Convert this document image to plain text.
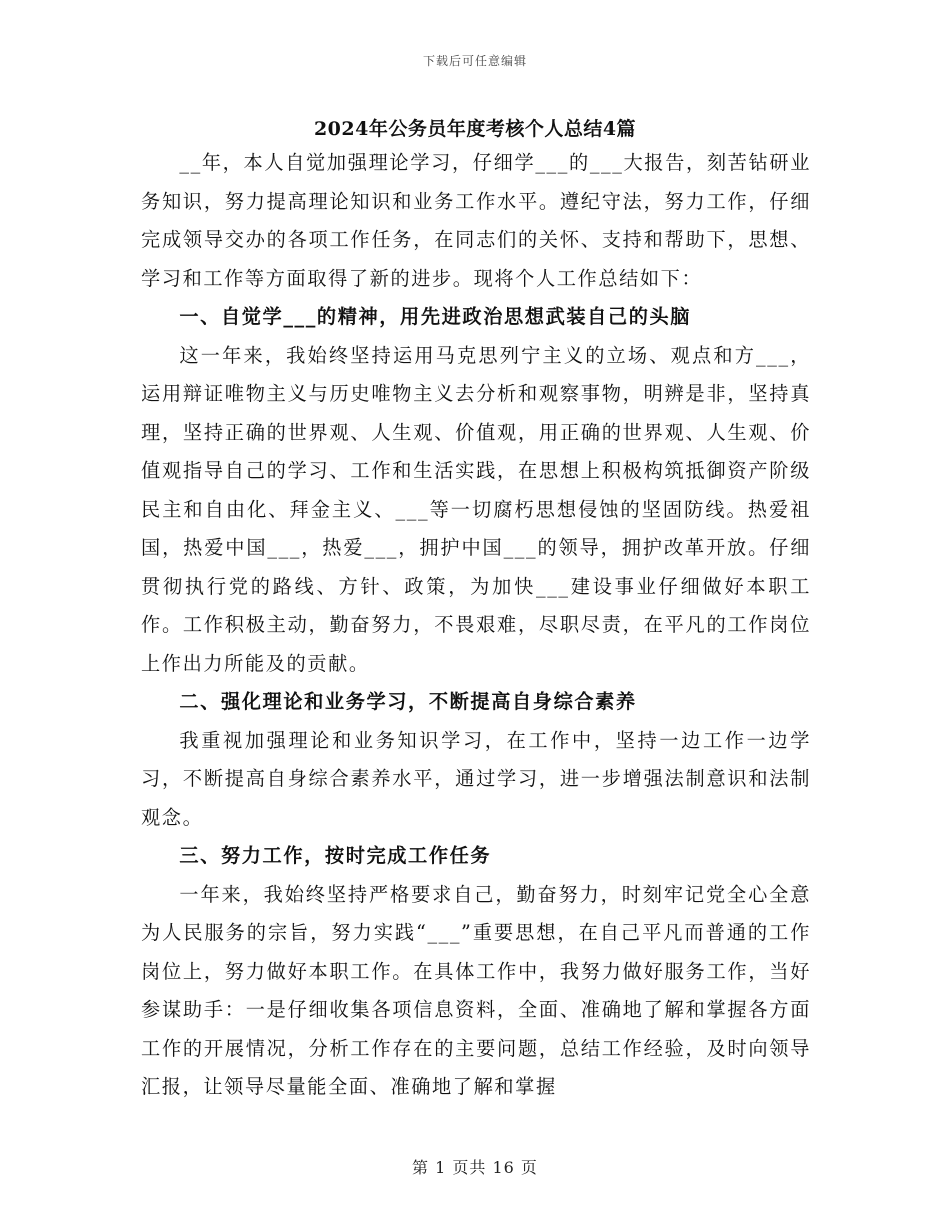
下载后可任意编辑
2024年公务员年度考核个人总结4篇

__年，本人自觉加强理论学习，仔细学___的___大报告，刻苦钻研业务知识，努力提高理论知识和业务工作水平。遵纪守法，努力工作，仔细完成领导交办的各项工作任务，在同志们的关怀、支持和帮助下，思想、学习和工作等方面取得了新的进步。现将个人工作总结如下：

一、自觉学___的精神，用先进政治思想武装自己的头脑

这一年来，我始终坚持运用马克思列宁主义的立场、观点和方___，运用辩证唯物主义与历史唯物主义去分析和观察事物，明辨是非，坚持真理，坚持正确的世界观、人生观、价值观，用正确的世界观、人生观、价值观指导自己的学习、工作和生活实践，在思想上积极构筑抵御资产阶级民主和自由化、拜金主义、___等一切腐朽思想侵蚀的坚固防线。热爱祖国，热爱中国___，热爱___，拥护中国___的领导，拥护改革开放。仔细贯彻执行党的路线、方针、政策，为加快___建设事业仔细做好本职工作。工作积极主动，勤奋努力，不畏艰难，尽职尽责，在平凡的工作岗位上作出力所能及的贡献。

二、强化理论和业务学习，不断提高自身综合素养

我重视加强理论和业务知识学习，在工作中，坚持一边工作一边学习，不断提高自身综合素养水平，通过学习，进一步增强法制意识和法制观念。

三、努力工作，按时完成工作任务

一年来，我始终坚持严格要求自己，勤奋努力，时刻牢记党全心全意为人民服务的宗旨，努力实践“___”重要思想，在自己平凡而普通的工作岗位上，努力做好本职工作。在具体工作中，我努力做好服务工作，当好参谋助手：一是仔细收集各项信息资料，全面、准确地了解和掌握各方面工作的开展情况，分析工作存在的主要问题，总结工作经验，及时向领导汇报，让领导尽量能全面、准确地了解和掌握

第 1 页共 16 页
